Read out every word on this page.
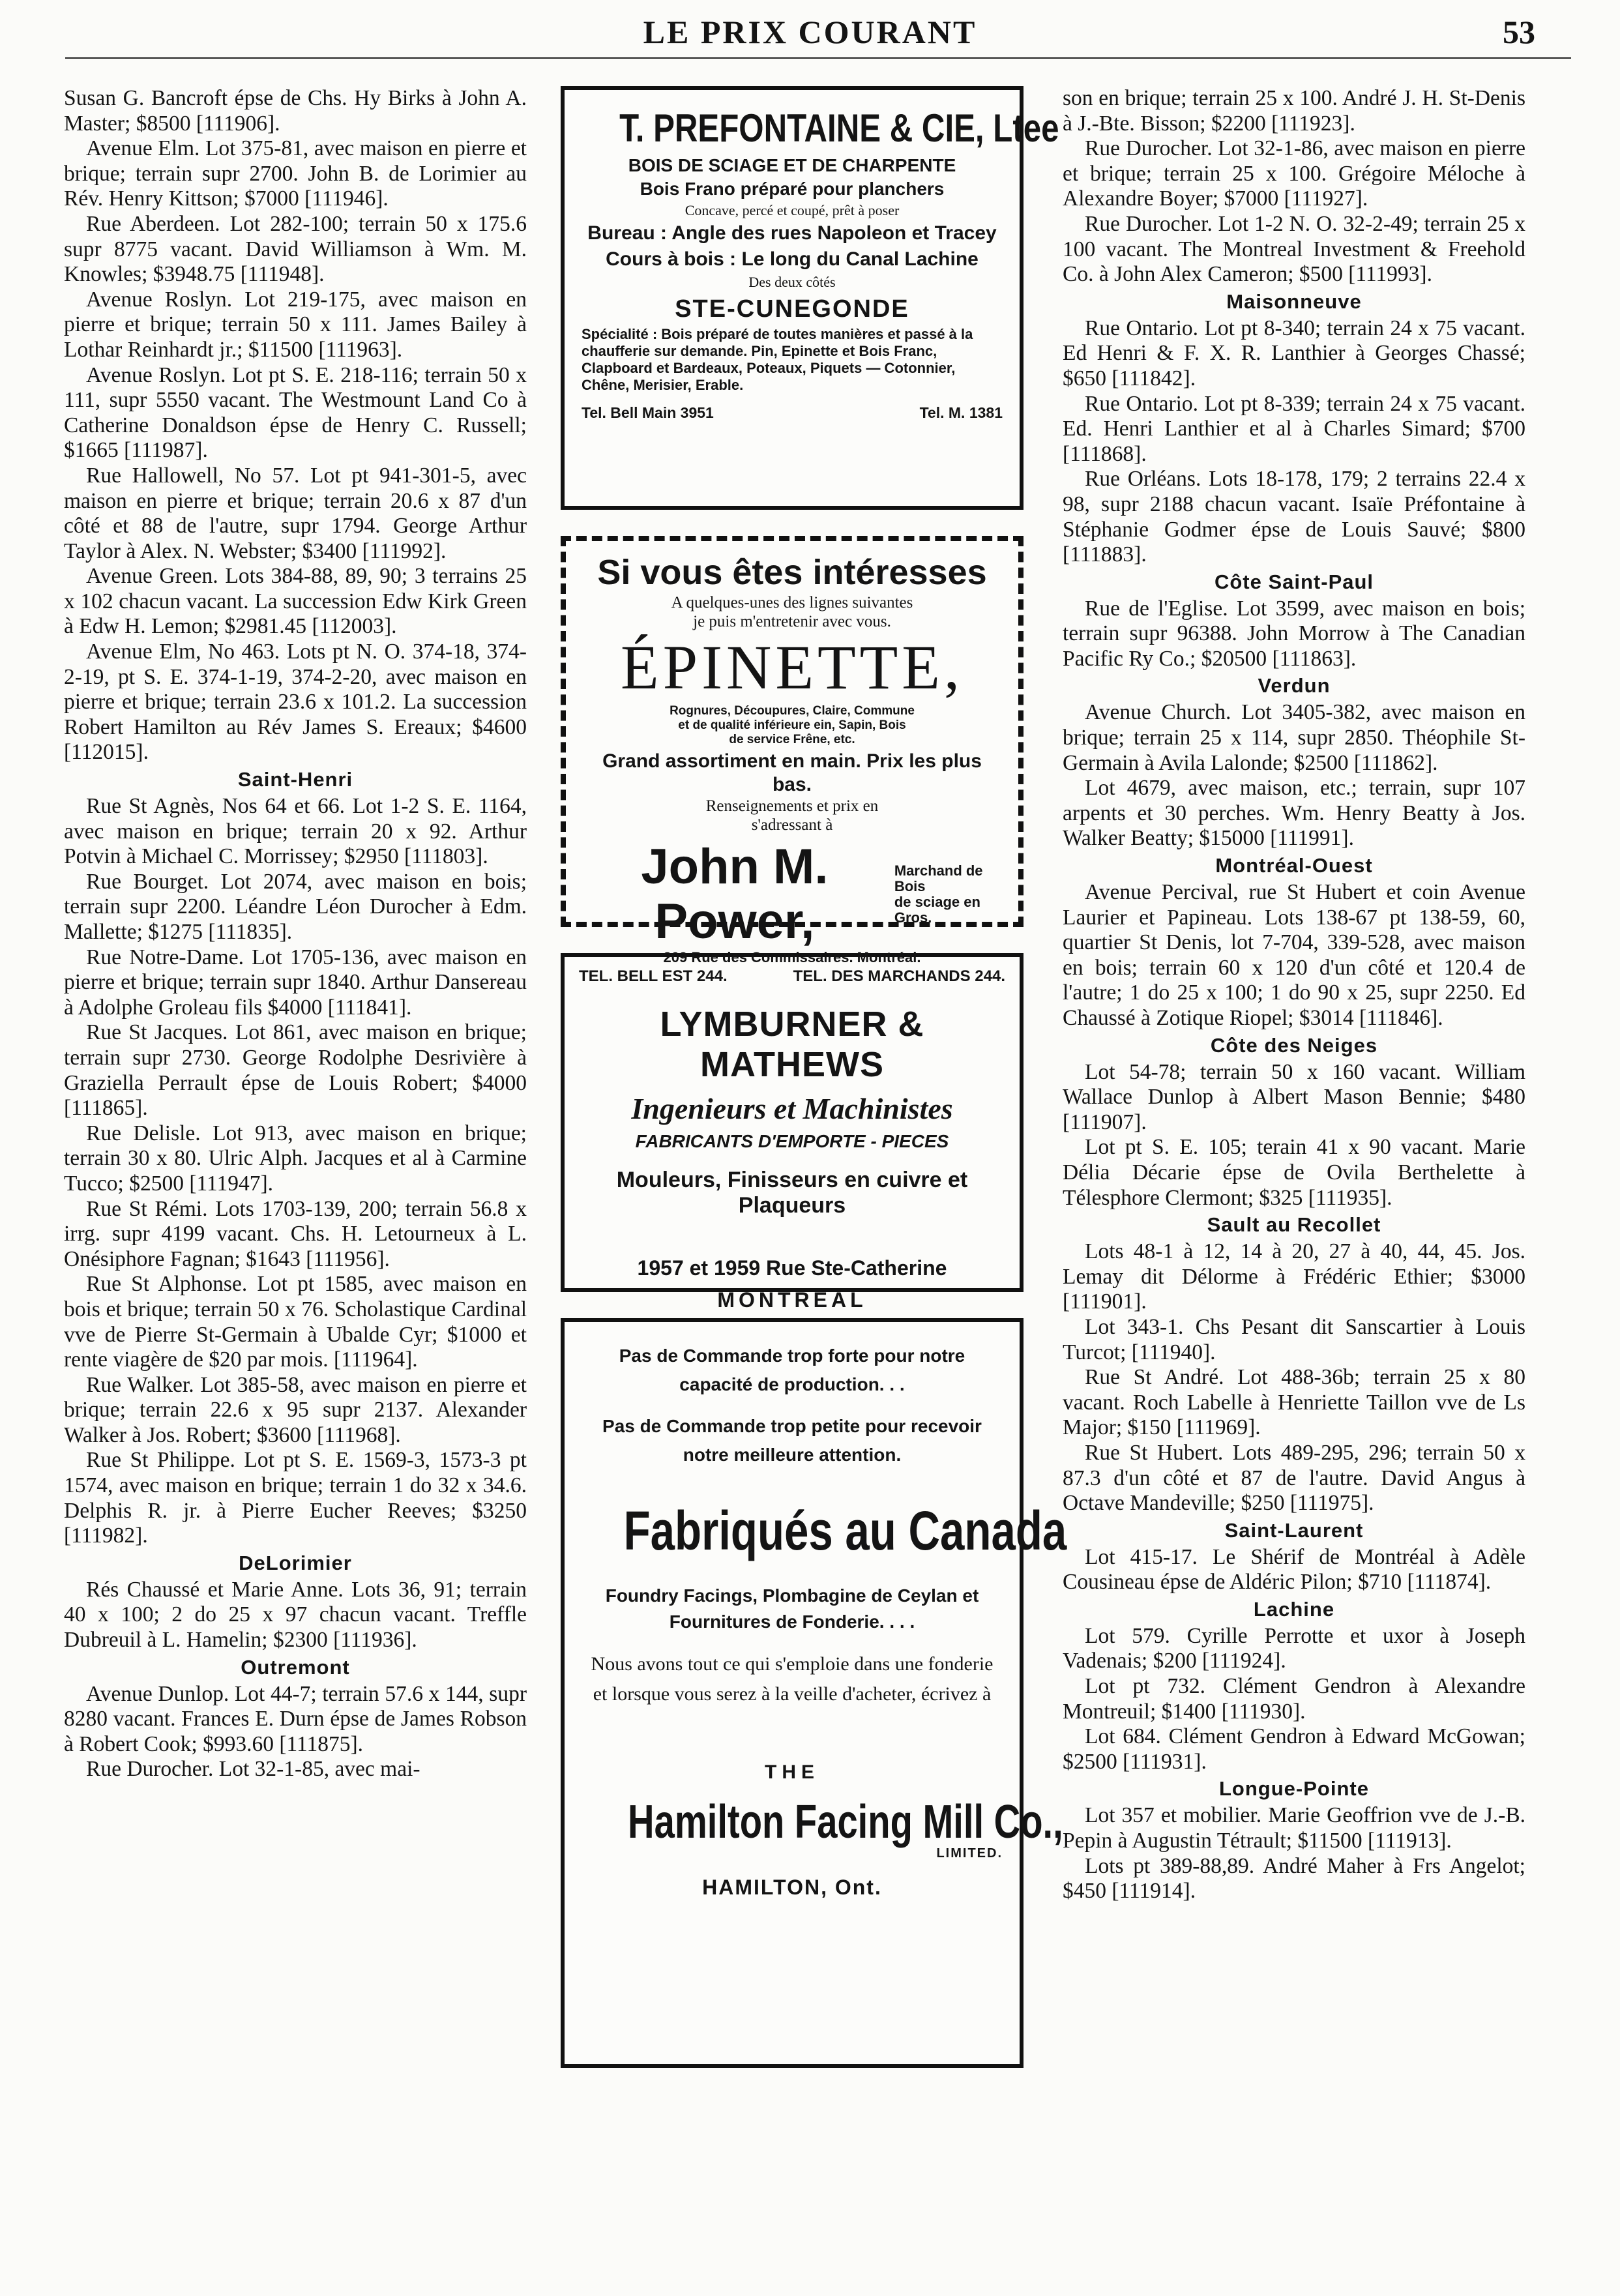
LE PRIX COURANT	53
Susan G. Bancroft épse de Chs. Hy Birks à John A. Master; $8500 [111906].
Avenue Elm. Lot 375-81, avec maison en pierre et brique; terrain supr 2700. John B. de Lorimier au Rév. Henry Kittson; $7000 [111946].
Rue Aberdeen. Lot 282-100; terrain 50 x 175.6 supr 8775 vacant. David Williamson à Wm. M. Knowles; $3948.75 [111948].
Avenue Roslyn. Lot 219-175, avec maison en pierre et brique; terrain 50 x 111. James Bailey à Lothar Reinhardt jr.; $11500 [111963].
Avenue Roslyn. Lot pt S. E. 218-116; terrain 50 x 111, supr 5550 vacant. The Westmount Land Co à Catherine Donaldson épse de Henry C. Russell; $1665 [111987].
Rue Hallowell, No 57. Lot pt 941-301-5, avec maison en pierre et brique; terrain 20.6 x 87 d'un côté et 88 de l'autre, supr 1794. George Arthur Taylor à Alex. N. Webster; $3400 [111992].
Avenue Green. Lots 384-88, 89, 90; 3 terrains 25 x 102 chacun vacant. La succession Edw Kirk Green à Edw H. Lemon; $2981.45 [112003].
Avenue Elm, No 463. Lots pt N. O. 374-18, 374-2-19, pt S. E. 374-1-19, 374-2-20, avec maison en pierre et brique; terrain 23.6 x 101.2. La succession Robert Hamilton au Rév James S. Ereaux; $4600 [112015].
Saint-Henri
Rue St Agnès, Nos 64 et 66. Lot 1-2 S. E. 1164, avec maison en brique; terrain 20 x 92. Arthur Potvin à Michael C. Morrissey; $2950 [111803].
Rue Bourget. Lot 2074, avec maison en bois; terrain supr 2200. Léandre Léon Durocher à Edm. Mallette; $1275 [111835].
Rue Notre-Dame. Lot 1705-136, avec maison en pierre et brique; terrain supr 1840. Arthur Dansereau à Adolphe Groleau fils $4000 [111841].
Rue St Jacques. Lot 861, avec maison en brique; terrain supr 2730. George Rodolphe Desrivière à Graziella Perrault épse de Louis Robert; $4000 [111865].
Rue Delisle. Lot 913, avec maison en brique; terrain 30 x 80. Ulric Alph. Jacques et al à Carmine Tucco; $2500 [111947].
Rue St Rémi. Lots 1703-139, 200; terrain 56.8 x irrg. supr 4199 vacant. Chs. H. Letourneux à L. Onésiphore Fagnan; $1643 [111956].
Rue St Alphonse. Lot pt 1585, avec maison en bois et brique; terrain 50 x 76. Scholastique Cardinal vve de Pierre St-Germain à Ubalde Cyr; $1000 et rente viagère de $20 par mois. [111964].
Rue Walker. Lot 385-58, avec maison en pierre et brique; terrain 22.6 x 95 supr 2137. Alexander Walker à Jos. Robert; $3600 [111968].
Rue St Philippe. Lot pt S. E. 1569-3, 1573-3 pt 1574, avec maison en brique; terrain 1 do 32 x 34.6. Delphis R. jr. à Pierre Eucher Reeves; $3250 [111982].
DeLorimier
Rés Chaussé et Marie Anne. Lots 36, 91; terrain 40 x 100; 2 do 25 x 97 chacun vacant. Treffle Dubreuil à L. Hamelin; $2300 [111936].
Outremont
Avenue Dunlop. Lot 44-7; terrain 57.6 x 144, supr 8280 vacant. Frances E. Durn épse de James Robson à Robert Cook; $993.60 [111875].
Rue Durocher. Lot 32-1-85, avec mai-
son en brique; terrain 25 x 100. André J. H. St-Denis à J.-Bte. Bisson; $2200 [111923].
Rue Durocher. Lot 32-1-86, avec maison en pierre et brique; terrain 25 x 100. Grégoire Méloche à Alexandre Boyer; $7000 [111927].
Rue Durocher. Lot 1-2 N. O. 32-2-49; terrain 25 x 100 vacant. The Montreal Investment & Freehold Co. à John Alex Cameron; $500 [111993].
Maisonneuve
Rue Ontario. Lot pt 8-340; terrain 24 x 75 vacant. Ed Henri & F. X. R. Lanthier à Georges Chassé; $650 [111842].
Rue Ontario. Lot pt 8-339; terrain 24 x 75 vacant. Ed. Henri Lanthier et al à Charles Simard; $700 [111868].
Rue Orléans. Lots 18-178, 179; 2 terrains 22.4 x 98, supr 2188 chacun vacant. Isaïe Préfontaine à Stéphanie Godmer épse de Louis Sauvé; $800 [111883].
Côte Saint-Paul
Rue de l'Eglise. Lot 3599, avec maison en bois; terrain supr 96388. John Morrow à The Canadian Pacific Ry Co.; $20500 [111863].
Verdun
Avenue Church. Lot 3405-382, avec maison en brique; terrain 25 x 114, supr 2850. Théophile St-Germain à Avila Lalonde; $2500 [111862].
Lot 4679, avec maison, etc.; terrain, supr 107 arpents et 30 perches. Wm. Henry Beatty à Jos. Walker Beatty; $15000 [111991].
Montréal-Ouest
Avenue Percival, rue St Hubert et coin Avenue Laurier et Papineau. Lots 138-67 pt 138-59, 60, quartier St Denis, lot 7-704, 339-528, avec maison en bois; terrain 60 x 120 d'un côté et 120.4 de l'autre; 1 do 25 x 100; 1 do 90 x 25, supr 2250. Ed Chaussé à Zotique Riopel; $3014 [111846].
Côte des Neiges
Lot 54-78; terrain 50 x 160 vacant. William Wallace Dunlop à Albert Mason Bennie; $480 [111907].
Lot pt S. E. 105; terain 41 x 90 vacant. Marie Délia Décarie épse de Ovila Berthelette à Télesphore Clermont; $325 [111935].
Sault au Recollet
Lots 48-1 à 12, 14 à 20, 27 à 40, 44, 45. Jos. Lemay dit Délorme à Frédéric Ethier; $3000 [111901].
Lot 343-1. Chs Pesant dit Sanscartier à Louis Turcot; [111940].
Rue St André. Lot 488-36b; terrain 25 x 80 vacant. Roch Labelle à Henriette Taillon vve de Ls Major; $150 [111969].
Rue St Hubert. Lots 489-295, 296; terrain 50 x 87.3 d'un côté et 87 de l'autre. David Angus à Octave Mandeville; $250 [111975].
Saint-Laurent
Lot 415-17. Le Shérif de Montréal à Adèle Cousineau épse de Aldéric Pilon; $710 [111874].
Lachine
Lot 579. Cyrille Perrotte et uxor à Joseph Vadenais; $200 [111924].
Lot pt 732. Clément Gendron à Alexandre Montreuil; $1400 [111930].
Lot 684. Clément Gendron à Edward McGowan; $2500 [111931].
Longue-Pointe
Lot 357 et mobilier. Marie Geoffrion vve de J.-B. Pepin à Augustin Tétrault; $11500 [111913].
Lots pt 389-88,89. André Maher à Frs Angelot; $450 [111914].
T. PREFONTAINE & CIE, Ltee
BOIS DE SCIAGE ET DE CHARPENTE
Bois Frano préparé pour planchers
Concave, percé et coupé, prêt à poser
Bureau : Angle des rues Napoleon et Tracey
Cours à bois : Le long du Canal Lachine
Des deux côtés
STE-CUNEGONDE
Spécialité : Bois préparé de toutes manières et passé à la chaufferie sur demande. Pin, Epinette et Bois Franc, Clapboard et Bardeaux, Poteaux, Piquets — Cotonnier, Chêne, Merisier, Erable.
Tel. Bell Main 3951	Tel. M. 1381
Si vous êtes intéresses
A quelques-unes des lignes suivantes
je puis m'entretenir avec vous.
ÉPINETTE,
Rognures, Découpures, Claire, Commune
et de qualité inférieure ein, Sapin, Bois
de service Frêne, etc.
Grand assortiment en main. Prix les plus bas.
Renseignements et prix en
s'adressant à
John M. Power,
Marchand de Bois
de sciage en Gros.
209 Rue des Commissaires. Montréal.
TEL. BELL EST 244.	TEL. DES MARCHANDS 244.
LYMBURNER & MATHEWS
Ingenieurs et Machinistes
FABRICANTS D'EMPORTE - PIECES
Mouleurs, Finisseurs en cuivre et Plaqueurs
1957 et 1959 Rue Ste-Catherine
MONTREAL
Pas de Commande trop forte pour notre capacité de production. . .
Pas de Commande trop petite pour recevoir notre meilleure attention.
Fabriqués au Canada
Foundry Facings, Plombagine de Ceylan et Fournitures de Fonderie. . . .
Nous avons tout ce qui s'emploie dans une fonderie et lorsque vous serez à la veille d'acheter, écrivez à
THE
Hamilton Facing Mill Co.,
LIMITED.
HAMILTON, Ont.
